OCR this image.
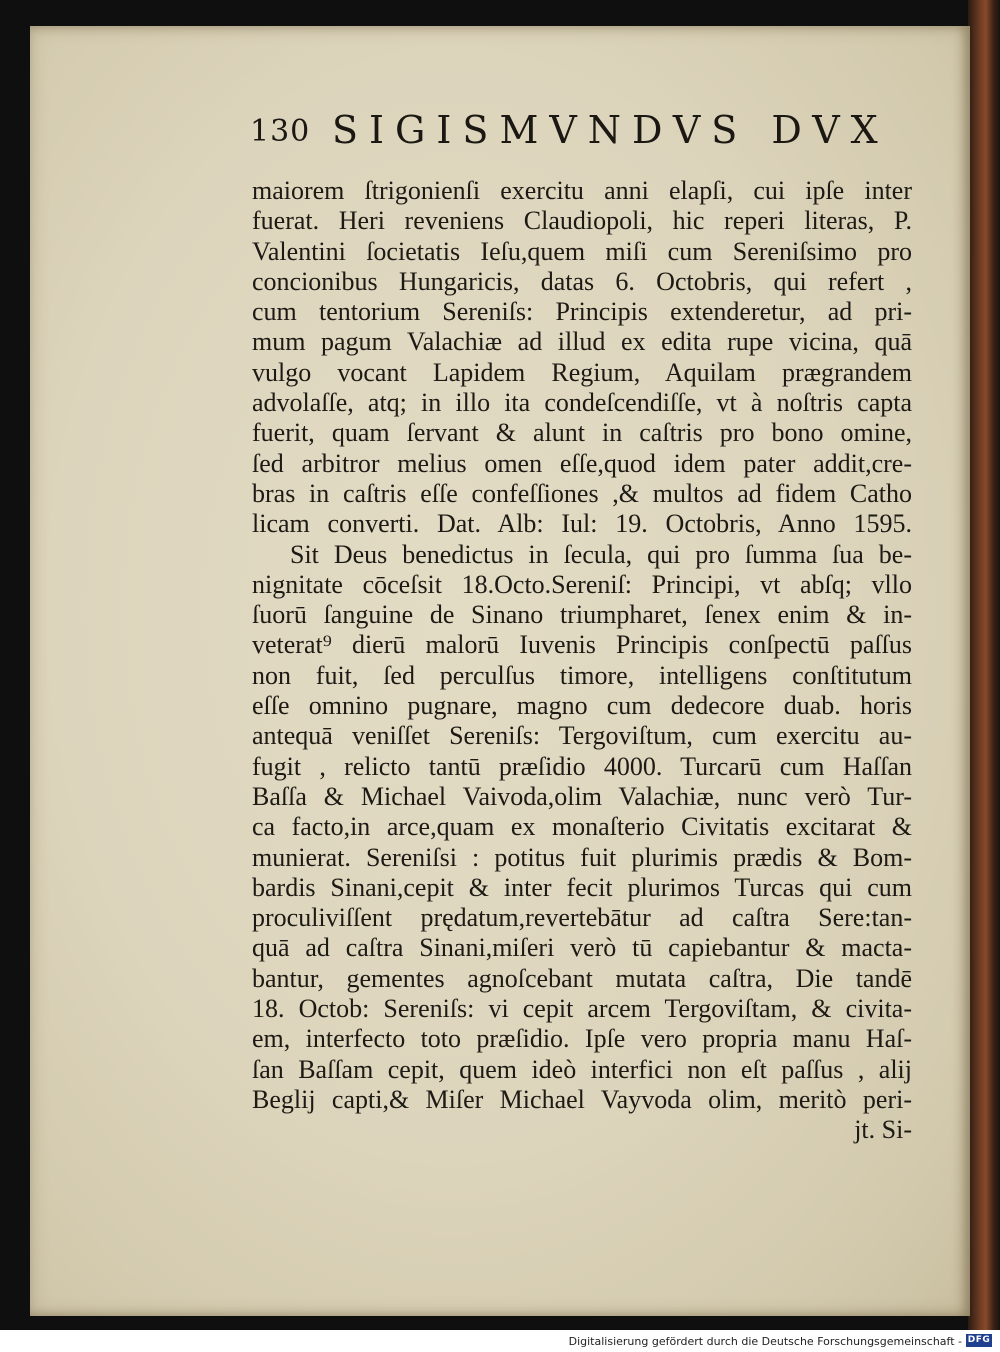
130 SIGISMVNDVS DVX
maiorem ſtrigonienſi exercitu anni elapſi, cui ipſe inter
fuerat. Heri reveniens Claudiopoli, hic reperi literas, P.
Valentini ſocietatis Ieſu,quem miſi cum Sereniſsimo pro
concionibus Hungaricis, datas 6. Octobris, qui refert ,
cum tentorium Sereniſs: Principis extenderetur, ad pri-
mum pagum Valachiæ ad illud ex edita rupe vicina, quā
vulgo vocant Lapidem Regium, Aquilam prægrandem
advolaſſe, atq; in illo ita condeſcendiſſe, vt à noſtris capta
fuerit, quam ſervant & alunt in caſtris pro bono omine,
ſed arbitror melius omen eſſe,quod idem pater addit,cre-
bras in caſtris eſſe confeſſiones ,& multos ad fidem Catho
licam converti. Dat. Alb: Iul: 19. Octobris, Anno 1595.
Sit Deus benedictus in ſecula, qui pro ſumma ſua be-
nignitate cōceſsit 18.Octo.Sereniſ: Principi, vt abſq; vllo
ſuorū ſanguine de Sinano triumpharet, ſenex enim & in-
veterat⁹ dierū malorū Iuvenis Principis conſpectū paſſus
non fuit, ſed perculſus timore, intelligens conſtitutum
eſſe omnino pugnare, magno cum dedecore duab. horis
antequā veniſſet Sereniſs: Tergoviſtum, cum exercitu au-
fugit , relicto tantū præſidio 4000. Turcarū cum Haſſan
Baſſa & Michael Vaivoda,olim Valachiæ, nunc verò Tur-
ca facto,in arce,quam ex monaſterio Civitatis excitarat &
munierat. Sereniſsi : potitus fuit plurimis prædis & Bom-
bardis Sinani,cepit & inter fecit plurimos Turcas qui cum
proculiviſſent prędatum,revertebātur ad caſtra Sere:tan-
quā ad caſtra Sinani,miſeri verò tū capiebantur & macta-
bantur, gementes agnoſcebant mutata caſtra, Die tandē
18. Octob: Sereniſs: vi cepit arcem Tergoviſtam, & civita-
em, interfecto toto præſidio. Ipſe vero propria manu Haſ-
ſan Baſſam cepit, quem ideò interfici non eſt paſſus , alij
Beglij capti,& Miſer Michael Vayvoda olim, meritò peri-
jt. Si-
Digitalisierung gefördert durch die Deutsche Forschungsgemeinschaft - DFG
